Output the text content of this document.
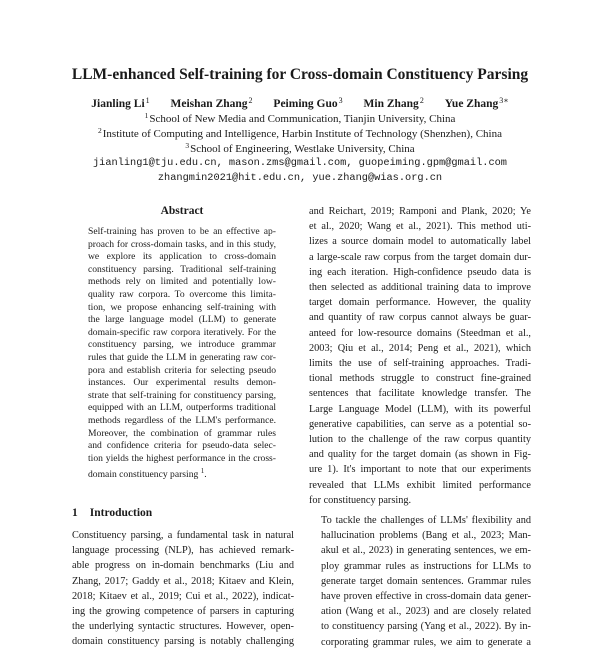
LLM-enhanced Self-training for Cross-domain Constituency Parsing
Jianling Li$^1$ Meishan Zhang$^2$ Peiming Guo$^3$ Min Zhang$^2$ Yue Zhang$^{3∗}$
$^1$School of New Media and Communication, Tianjin University, China
$^2$Institute of Computing and Intelligence, Harbin Institute of Technology (Shenzhen), China
$^3$School of Engineering, Westlake University, China
jianling1@tju.edu.cn, mason.zms@gmail.com, guopeiming.gpm@gmail.com
zhangmin2021@hit.edu.cn, yue.zhang@wias.org.cn
Abstract
Self-training has proven to be an effective ap-
proach for cross-domain tasks, and in this study,
we explore its application to cross-domain
constituency parsing. Traditional self-training
methods rely on limited and potentially low-
quality raw corpora. To overcome this limita-
tion, we propose enhancing self-training with
the large language model (LLM) to generate
domain-specific raw corpora iteratively. For the
constituency parsing, we introduce grammar
rules that guide the LLM in generating raw cor-
pora and establish criteria for selecting pseudo
instances. Our experimental results demon-
strate that self-training for constituency parsing,
equipped with an LLM, outperforms traditional
methods regardless of the LLM's performance.
Moreover, the combination of grammar rules
and confidence criteria for pseudo-data selec-
tion yields the highest performance in the cross-
domain constituency parsing $^1$.
1 Introduction
Constituency parsing, a fundamental task in natural
language processing (NLP), has achieved remark-
able progress on in-domain benchmarks (Liu and
Zhang, 2017; Gaddy et al., 2018; Kitaev and Klein,
2018; Kitaev et al., 2019; Cui et al., 2022), indicat-
ing the growing competence of parsers in capturing
the underlying syntactic structures. However, open-
domain constituency parsing is notably challenging

and Reichart, 2019; Ramponi and Plank, 2020; Ye
et al., 2020; Wang et al., 2021). This method uti-
lizes a source domain model to automatically label
a large-scale raw corpus from the target domain dur-
ing each iteration. High-confidence pseudo data is
then selected as additional training data to improve
target domain performance. However, the quality
and quantity of raw corpus cannot always be guar-
anteed for low-resource domains (Steedman et al.,
2003; Qiu et al., 2014; Peng et al., 2021), which
limits the use of self-training approaches. Tradi-
tional methods struggle to construct fine-grained
sentences that facilitate knowledge transfer. The
Large Language Model (LLM), with its powerful
generative capabilities, can serve as a potential so-
lution to the challenge of the raw corpus quantity
and quality for the target domain (as shown in Fig-
ure 1). It's important to note that our experiments
revealed that LLMs exhibit limited performance
for constituency parsing.

To tackle the challenges of LLMs' flexibility and
hallucination problems (Bang et al., 2023; Man-
akul et al., 2023) in generating sentences, we em-
ploy grammar rules as instructions for LLMs to
generate target domain sentences. Grammar rules
have proven effective in cross-domain data gener-
ation (Wang et al., 2023) and are closely related
to constituency parsing (Yang et al., 2022). By in-
corporating grammar rules, we aim to generate a
